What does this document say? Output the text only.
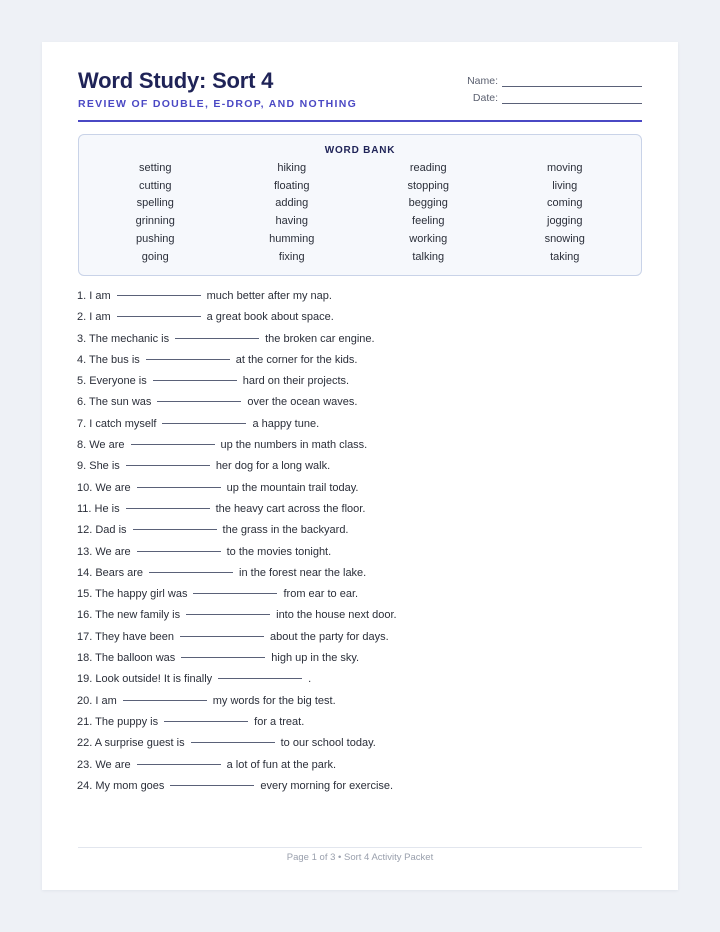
Word Study: Sort 4
REVIEW OF DOUBLE, E-DROP, AND NOTHING
Name:
Date:
WORD BANK
setting	hiking	reading	moving
cutting	floating	stopping	living
spelling	adding	begging	coming
grinning	having	feeling	jogging
pushing	humming	working	snowing
going	fixing	talking	taking
1. I am	much better after my nap.
2. I am	a great book about space.
3. The mechanic is	the broken car engine.
4. The bus is	at the corner for the kids.
5. Everyone is	hard on their projects.
6. The sun was	over the ocean waves.
7. I catch myself	a happy tune.
8. We are	up the numbers in math class.
9. She is	her dog for a long walk.
10. We are	up the mountain trail today.
11. He is	the heavy cart across the floor.
12. Dad is	the grass in the backyard.
13. We are	to the movies tonight.
14. Bears are	in the forest near the lake.
15. The happy girl was	from ear to ear.
16. The new family is	into the house next door.
17. They have been	about the party for days.
18. The balloon was	high up in the sky.
19. Look outside! It is finally	.
20. I am	my words for the big test.
21. The puppy is	for a treat.
22. A surprise guest is	to our school today.
23. We are	a lot of fun at the park.
24. My mom goes	every morning for exercise.
Page 1 of 3 • Sort 4 Activity Packet
